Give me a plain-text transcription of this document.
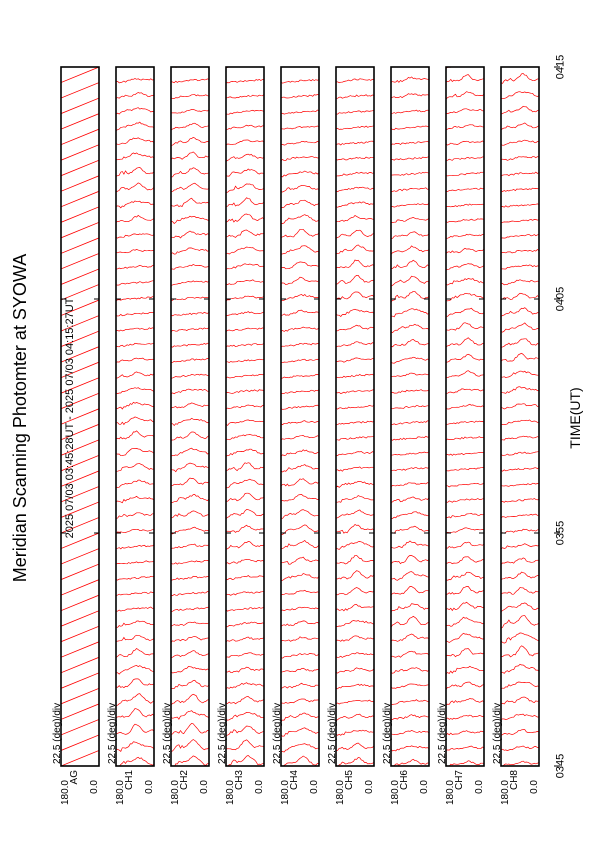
22.5 (deg)/div
AG
180.0 0.0
22.5 (deg)/div
CH1
180.0 0.0
22.5 (deg)/div
CH2
180.0 0.0
22.5 (deg)/div
CH3
180.0 0.0
22.5 (deg)/div
CH4
180.0 0.0
22.5 (deg)/div
CH5
180.0 0.0
22.5 (deg)/div
CH6
180.0 0.0
22.5 (deg)/div
CH7
180.0 0.0
22.5 (deg)/div
CH8
180.0 0.0
0345
0355
0405
0415
Meridian Scanning Photomter at SYOWA	2025 07/03 03:45:28UT - 2025 07/03 04:15:27UT	TIME(UT)
